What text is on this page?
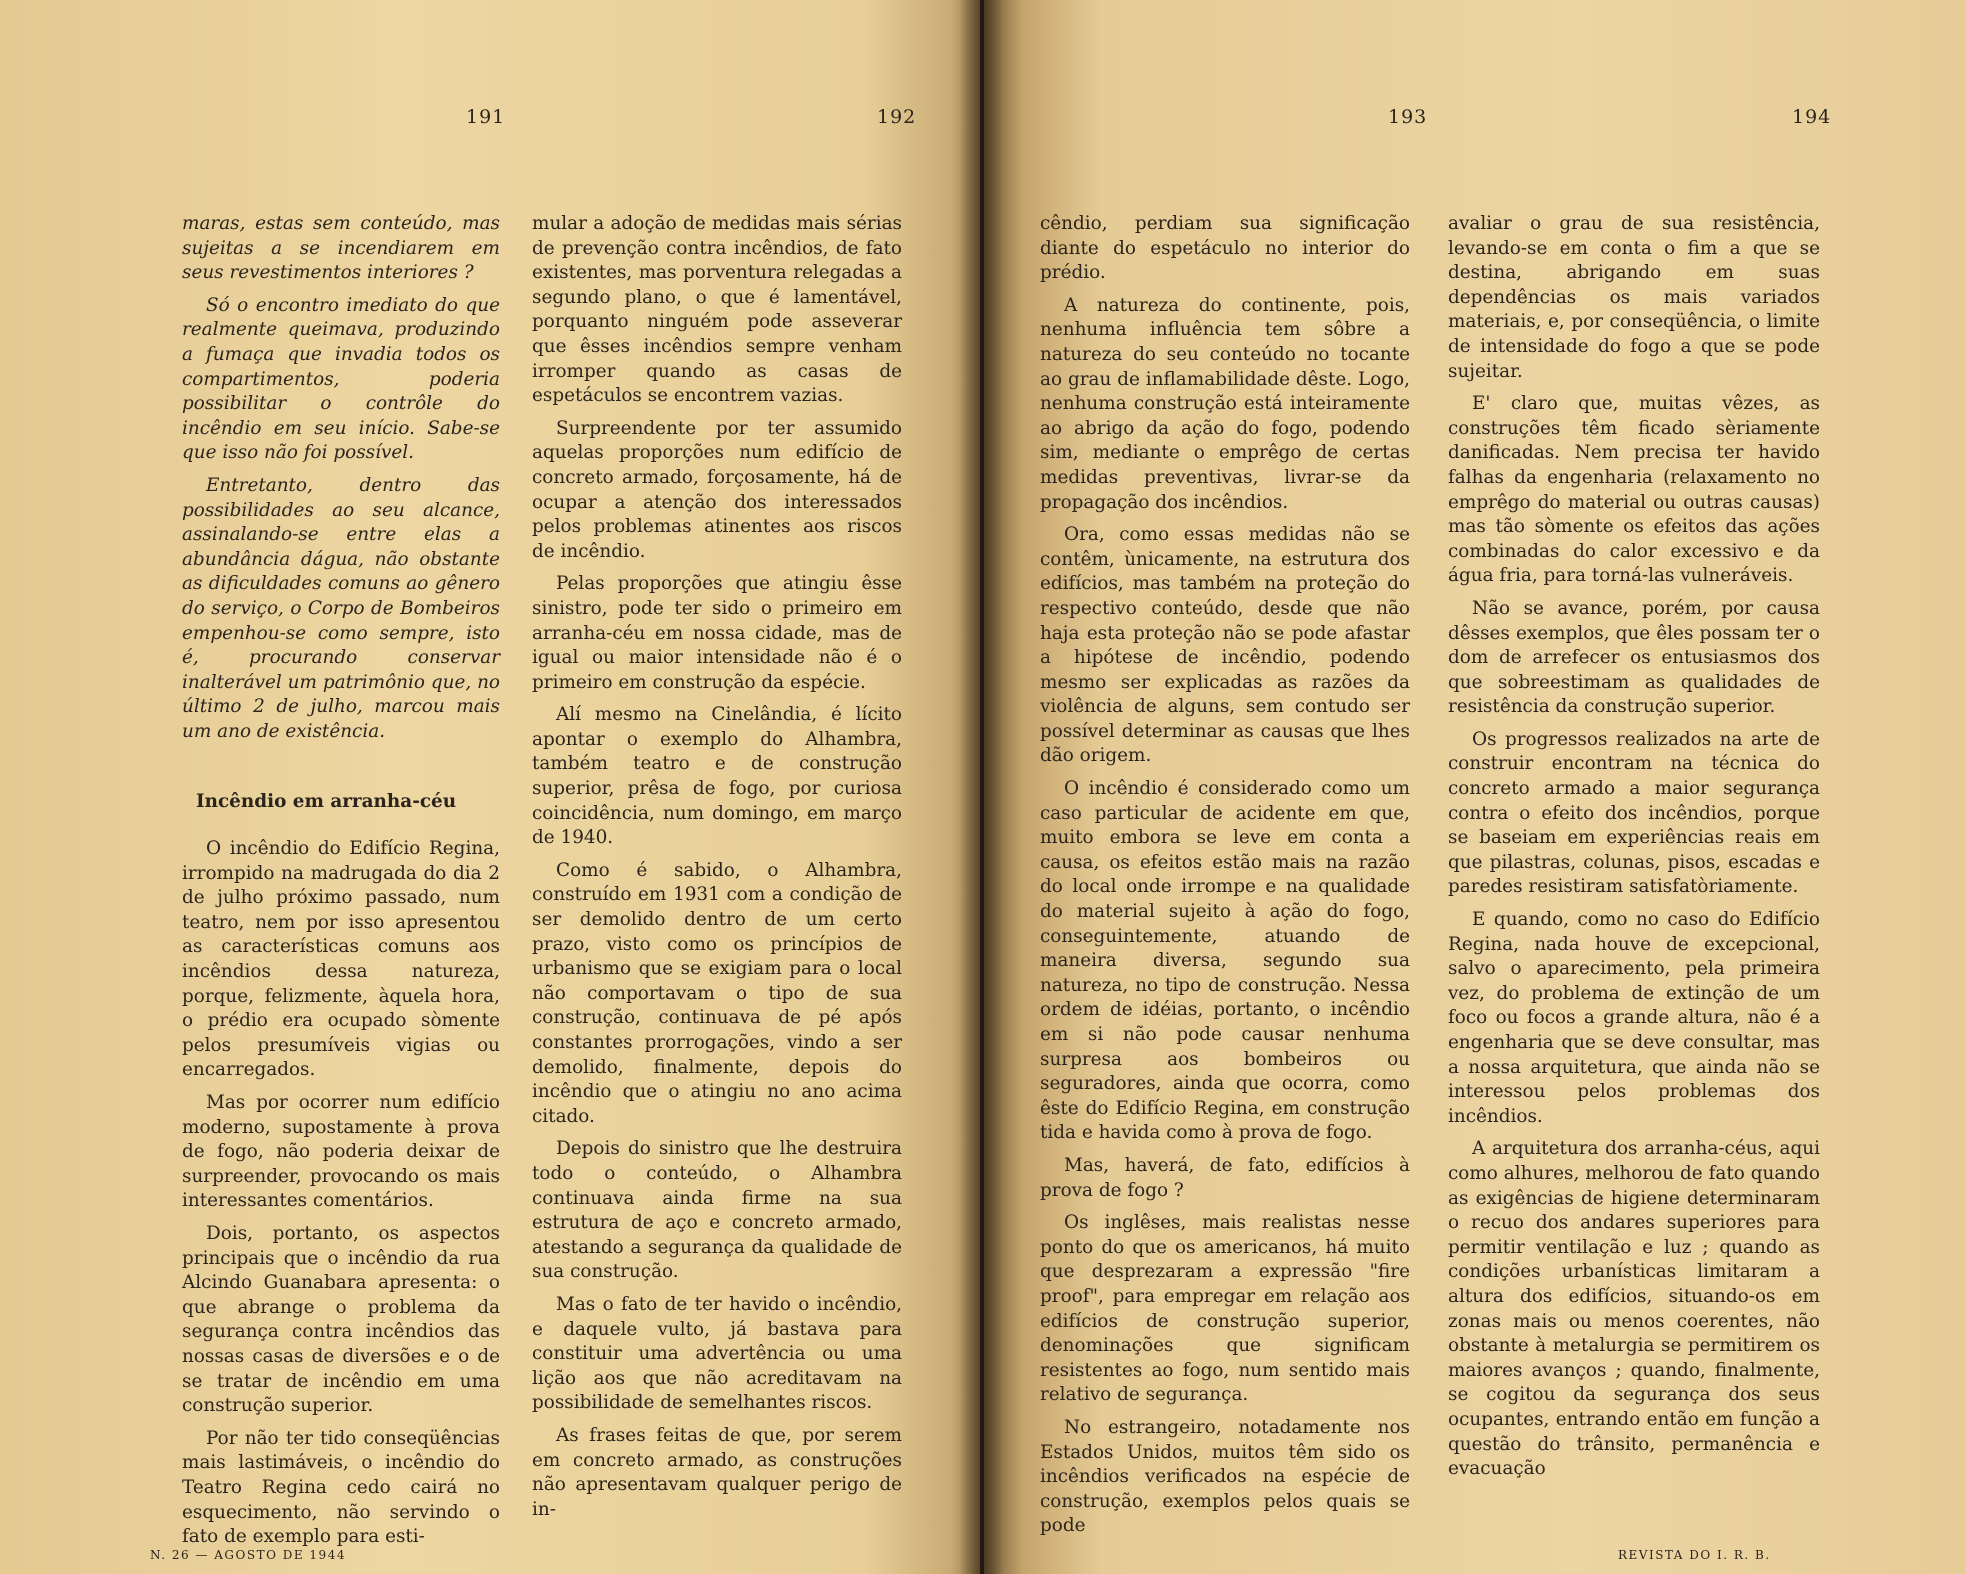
191	192

maras, estas sem conteúdo, mas sujeitas a se incendiarem em seus revestimentos interiores ?

Só o encontro imediato do que realmente queimava, produzindo a fumaça que invadia todos os compartimentos, poderia possibilitar o contrôle do incêndio em seu início. Sabe-se que isso não foi possível.

Entretanto, dentro das possibilidades ao seu alcance, assinalando-se entre elas a abundância dágua, não obstante as dificuldades comuns ao gênero do serviço, o Corpo de Bombeiros empenhou-se como sempre, isto é, procurando conservar inalterável um patrimônio que, no último 2 de julho, marcou mais um ano de existência.

Incêndio em arranha-céu

O incêndio do Edifício Regina, irrompido na madrugada do dia 2 de julho próximo passado, num teatro, nem por isso apresentou as características comuns aos incêndios dessa natureza, porque, felizmente, àquela hora, o prédio era ocupado sòmente pelos presumíveis vigias ou encarregados.

Mas por ocorrer num edifício moderno, supostamente à prova de fogo, não poderia deixar de surpreender, provocando os mais interessantes comentários.

Dois, portanto, os aspectos principais que o incêndio da rua Alcindo Guanabara apresenta: o que abrange o problema da segurança contra incêndios das nossas casas de diversões e o de se tratar de incêndio em uma construção superior.

Por não ter tido conseqüências mais lastimáveis, o incêndio do Teatro Regina cedo cairá no esquecimento, não servindo o fato de exemplo para esti-

mular a adoção de medidas mais sérias de prevenção contra incêndios, de fato existentes, mas porventura relegadas a segundo plano, o que é lamentável, porquanto ninguém pode asseverar que êsses incêndios sempre venham irromper quando as casas de espetáculos se encontrem vazias.

Surpreendente por ter assumido aquelas proporções num edifício de concreto armado, forçosamente, há de ocupar a atenção dos interessados pelos problemas atinentes aos riscos de incêndio.

Pelas proporções que atingiu êsse sinistro, pode ter sido o primeiro em arranha-céu em nossa cidade, mas de igual ou maior intensidade não é o primeiro em construção da espécie.

Alí mesmo na Cinelândia, é lícito apontar o exemplo do Alhambra, também teatro e de construção superior, prêsa de fogo, por curiosa coincidência, num domingo, em março de 1940.

Como é sabido, o Alhambra, construído em 1931 com a condição de ser demolido dentro de um certo prazo, visto como os princípios de urbanismo que se exigiam para o local não comportavam o tipo de sua construção, continuava de pé após constantes prorrogações, vindo a ser demolido, finalmente, depois do incêndio que o atingiu no ano acima citado.

Depois do sinistro que lhe destruira todo o conteúdo, o Alhambra continuava ainda firme na sua estrutura de aço e concreto armado, atestando a segurança da qualidade de sua construção.

Mas o fato de ter havido o incêndio, e daquele vulto, já bastava para constituir uma advertência ou uma lição aos que não acreditavam na possibilidade de semelhantes riscos.

As frases feitas de que, por serem em concreto armado, as construções não apresentavam qualquer perigo de in-

N. 26 — AGOSTO DE 1944
193	194

cêndio, perdiam sua significação diante do espetáculo no interior do prédio.

A natureza do continente, pois, nenhuma influência tem sôbre a natureza do seu conteúdo no tocante ao grau de inflamabilidade dêste. Logo, nenhuma construção está inteiramente ao abrigo da ação do fogo, podendo sim, mediante o emprêgo de certas medidas preventivas, livrar-se da propagação dos incêndios.

Ora, como essas medidas não se contêm, ùnicamente, na estrutura dos edifícios, mas também na proteção do respectivo conteúdo, desde que não haja esta proteção não se pode afastar a hipótese de incêndio, podendo mesmo ser explicadas as razões da violência de alguns, sem contudo ser possível determinar as causas que lhes dão origem.

O incêndio é considerado como um caso particular de acidente em que, muito embora se leve em conta a causa, os efeitos estão mais na razão do local onde irrompe e na qualidade do material sujeito à ação do fogo, conseguintemente, atuando de maneira diversa, segundo sua natureza, no tipo de construção. Nessa ordem de idéias, portanto, o incêndio em si não pode causar nenhuma surpresa aos bombeiros ou seguradores, ainda que ocorra, como êste do Edifício Regina, em construção tida e havida como à prova de fogo.

Mas, haverá, de fato, edifícios à prova de fogo ?

Os inglêses, mais realistas nesse ponto do que os americanos, há muito que desprezaram a expressão "fire proof", para empregar em relação aos edifícios de construção superior, denominações que significam resistentes ao fogo, num sentido mais relativo de segurança.

No estrangeiro, notadamente nos Estados Unidos, muitos têm sido os incêndios verificados na espécie de construção, exemplos pelos quais se pode

avaliar o grau de sua resistência, levando-se em conta o fim a que se destina, abrigando em suas dependências os mais variados materiais, e, por conseqüência, o limite de intensidade do fogo a que se pode sujeitar.

E' claro que, muitas vêzes, as construções têm ficado sèriamente danificadas. Nem precisa ter havido falhas da engenharia (relaxamento no emprêgo do material ou outras causas) mas tão sòmente os efeitos das ações combinadas do calor excessivo e da água fria, para torná-las vulneráveis.

Não se avance, porém, por causa dêsses exemplos, que êles possam ter o dom de arrefecer os entusiasmos dos que sobreestimam as qualidades de resistência da construção superior.

Os progressos realizados na arte de construir encontram na técnica do concreto armado a maior segurança contra o efeito dos incêndios, porque se baseiam em experiências reais em que pilastras, colunas, pisos, escadas e paredes resistiram satisfatòriamente.

E quando, como no caso do Edifício Regina, nada houve de excepcional, salvo o aparecimento, pela primeira vez, do problema de extinção de um foco ou focos a grande altura, não é a engenharia que se deve consultar, mas a nossa arquitetura, que ainda não se interessou pelos problemas dos incêndios.

A arquitetura dos arranha-céus, aqui como alhures, melhorou de fato quando as exigências de higiene determinaram o recuo dos andares superiores para permitir ventilação e luz ; quando as condições urbanísticas limitaram a altura dos edifícios, situando-os em zonas mais ou menos coerentes, não obstante à metalurgia se permitirem os maiores avanços ; quando, finalmente, se cogitou da segurança dos seus ocupantes, entrando então em função a questão do trânsito, permanência e evacuação

REVISTA DO I. R. B.
